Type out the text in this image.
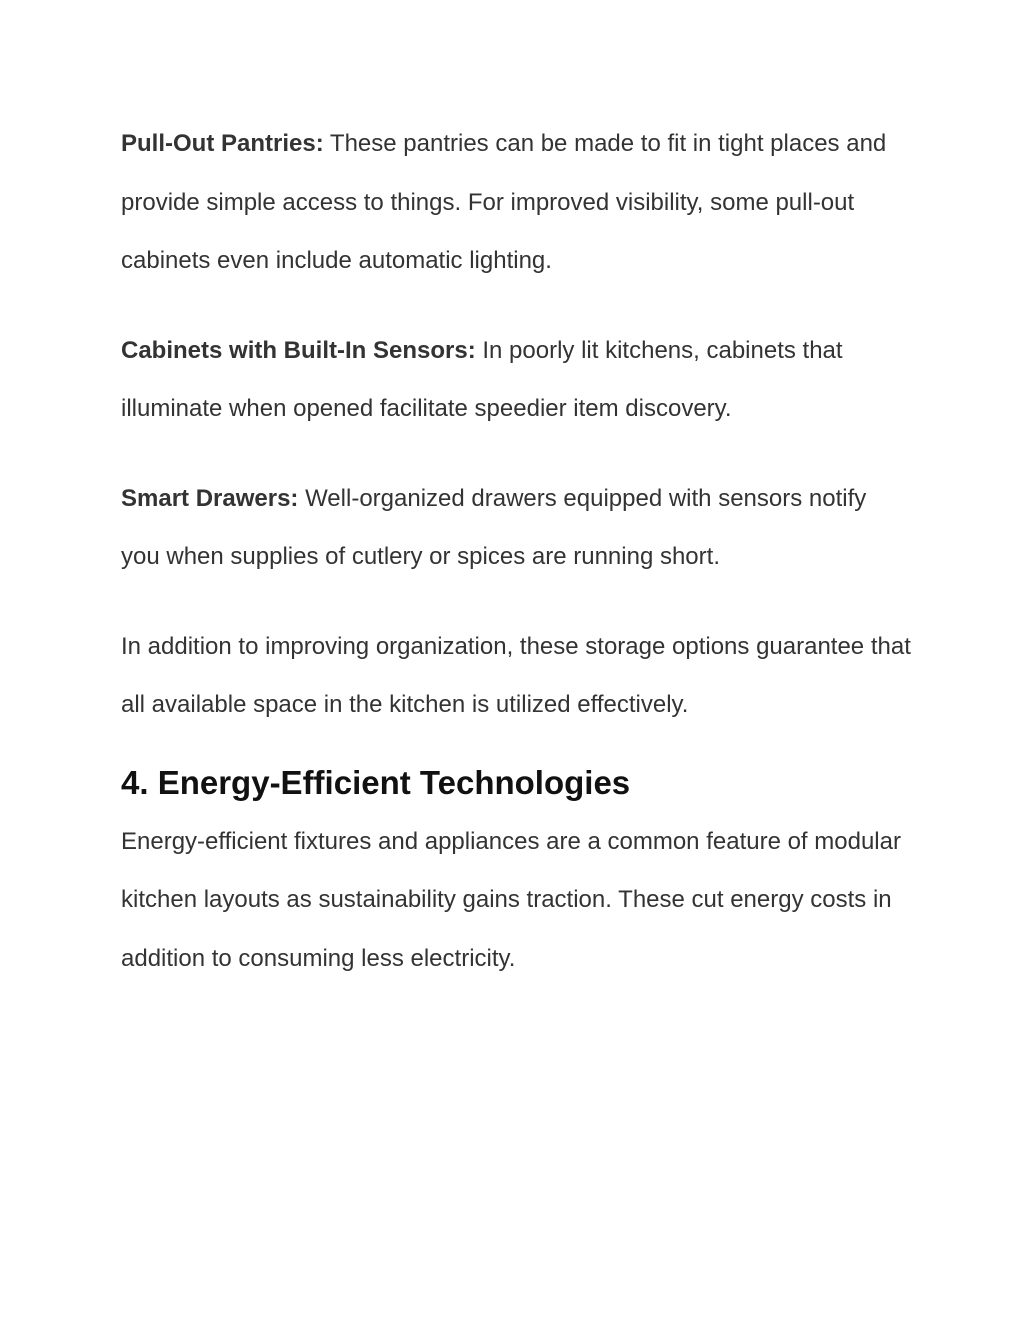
Pull-Out Pantries: These pantries can be made to fit in tight places and provide simple access to things. For improved visibility, some pull-out cabinets even include automatic lighting.

Cabinets with Built-In Sensors: In poorly lit kitchens, cabinets that illuminate when opened facilitate speedier item discovery.

Smart Drawers: Well-organized drawers equipped with sensors notify you when supplies of cutlery or spices are running short.

In addition to improving organization, these storage options guarantee that all available space in the kitchen is utilized effectively.

4. Energy-Efficient Technologies

Energy-efficient fixtures and appliances are a common feature of modular kitchen layouts as sustainability gains traction. These cut energy costs in addition to consuming less electricity.
